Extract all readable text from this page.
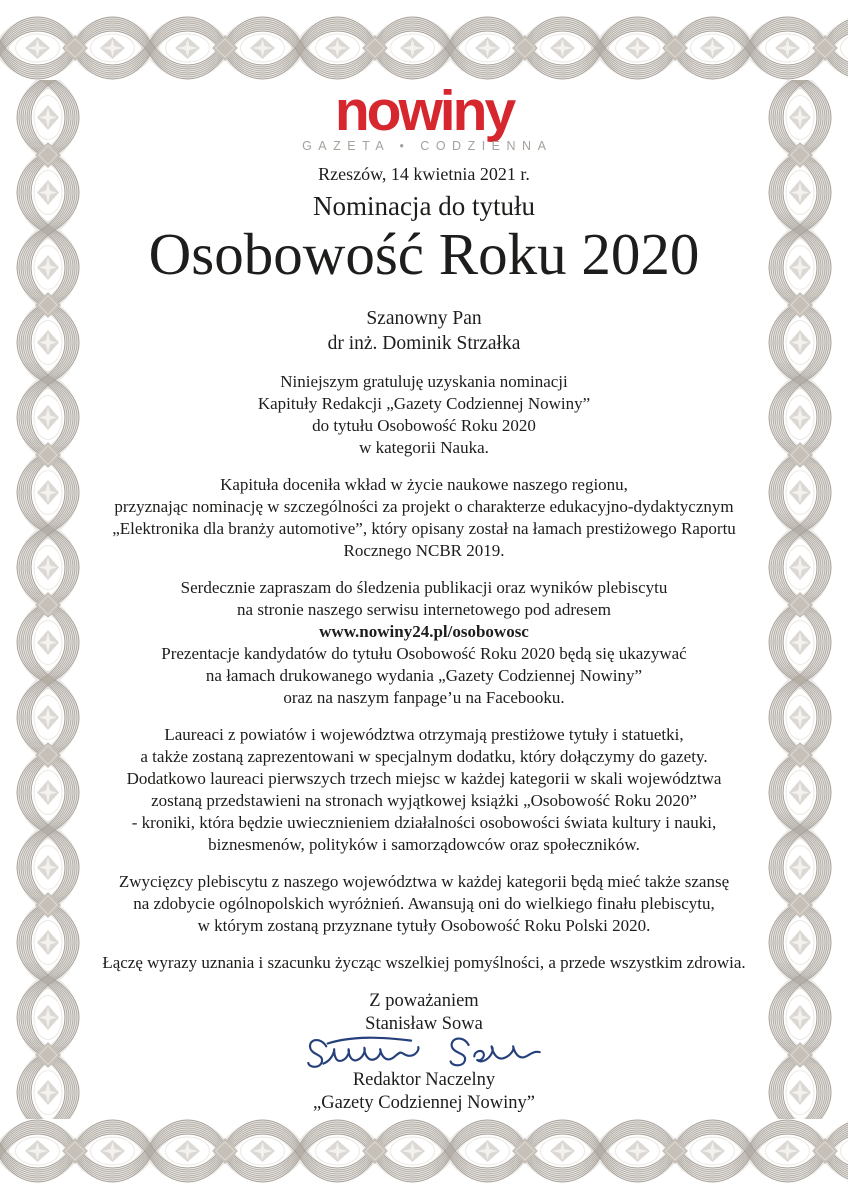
nowiny
GAZETA • CODZIENNA
Rzeszów, 14 kwietnia 2021 r.
Nominacja do tytułu
Osobowość Roku 2020
Szanowny Pan
dr inż. Dominik Strzałka
Niniejszym gratuluję uzyskania nominacji
Kapituły Redakcji „Gazety Codziennej Nowiny”
do tytułu Osobowość Roku 2020
w kategorii Nauka.
Kapituła doceniła wkład w życie naukowe naszego regionu,
przyznając nominację w szczególności za projekt o charakterze edukacyjno-dydaktycznym
„Elektronika dla branży automotive”, który opisany został na łamach prestiżowego Raportu
Rocznego NCBR 2019.
Serdecznie zapraszam do śledzenia publikacji oraz wyników plebiscytu
na stronie naszego serwisu internetowego pod adresem
www.nowiny24.pl/osobowosc
Prezentacje kandydatów do tytułu Osobowość Roku 2020 będą się ukazywać
na łamach drukowanego wydania „Gazety Codziennej Nowiny”
oraz na naszym fanpage’u na Facebooku.
Laureaci z powiatów i województwa otrzymają prestiżowe tytuły i statuetki,
a także zostaną zaprezentowani w specjalnym dodatku, który dołączymy do gazety.
Dodatkowo laureaci pierwszych trzech miejsc w każdej kategorii w skali województwa
zostaną przedstawieni na stronach wyjątkowej książki „Osobowość Roku 2020”
- kroniki, która będzie uwiecznieniem działalności osobowości świata kultury i nauki,
biznesmenów, polityków i samorządowców oraz społeczników.
Zwycięzcy plebiscytu z naszego województwa w każdej kategorii będą mieć także szansę
na zdobycie ogólnopolskich wyróżnień. Awansują oni do wielkiego finału plebiscytu,
w którym zostaną przyznane tytuły Osobowość Roku Polski 2020.
Łączę wyrazy uznania i szacunku życząc wszelkiej pomyślności, a przede wszystkim zdrowia.
Z poważaniem
Stanisław Sowa
Redaktor Naczelny
„Gazety Codziennej Nowiny”
